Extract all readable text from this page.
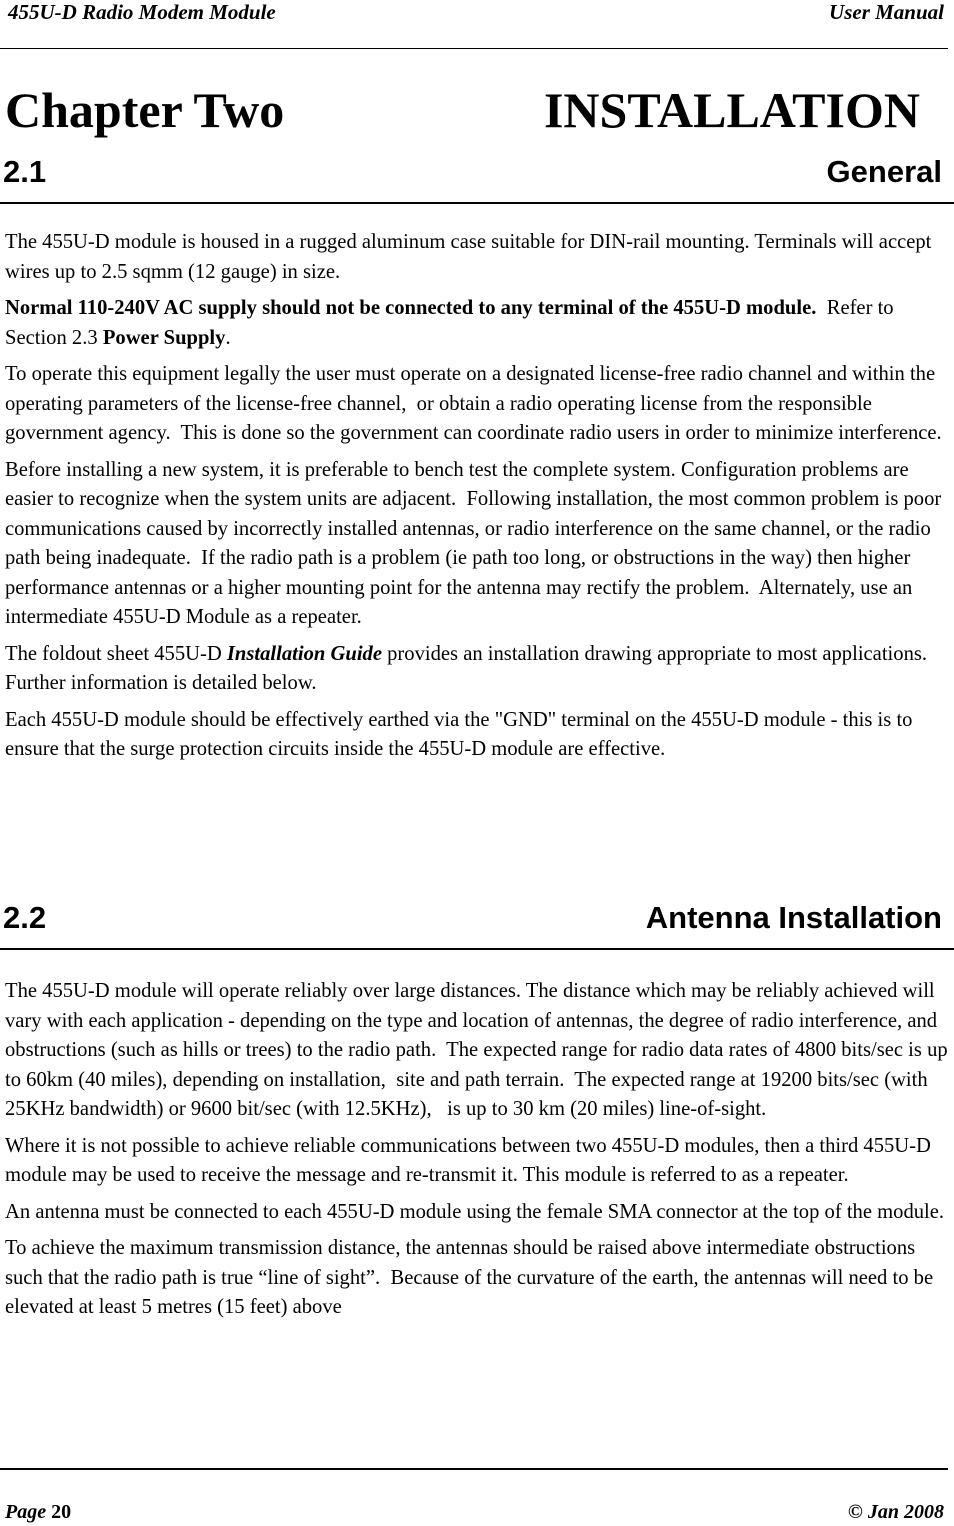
455U-D Radio Modem Module	User Manual
Chapter Two	INSTALLATION
2.1	General

The 455U-D module is housed in a rugged aluminum case suitable for DIN-rail mounting. Terminals will accept wires up to 2.5 sqmm (12 gauge) in size.

Normal 110-240V AC supply should not be connected to any terminal of the 455U-D module.  Refer to Section 2.3 Power Supply.

To operate this equipment legally the user must operate on a designated license-free radio channel and within the operating parameters of the license-free channel,  or obtain a radio operating license from the responsible government agency.  This is done so the government can coordinate radio users in order to minimize interference.

Before installing a new system, it is preferable to bench test the complete system. Configuration problems are easier to recognize when the system units are adjacent.  Following installation, the most common problem is poor communications caused by incorrectly installed antennas, or radio interference on the same channel, or the radio path being inadequate.  If the radio path is a problem (ie path too long, or obstructions in the way) then higher performance antennas or a higher mounting point for the antenna may rectify the problem.  Alternately, use an intermediate 455U-D Module as a repeater.

The foldout sheet 455U-D Installation Guide provides an installation drawing appropriate to most applications. Further information is detailed below.

Each 455U-D module should be effectively earthed via the "GND" terminal on the 455U-D module - this is to ensure that the surge protection circuits inside the 455U-D module are effective.

2.2	Antenna Installation

The 455U-D module will operate reliably over large distances. The distance which may be reliably achieved will vary with each application - depending on the type and location of antennas, the degree of radio interference, and obstructions (such as hills or trees) to the radio path.  The expected range for radio data rates of 4800 bits/sec is up to 60km (40 miles), depending on installation,  site and path terrain.  The expected range at 19200 bits/sec (with 25KHz bandwidth) or 9600 bit/sec (with 12.5KHz),   is up to 30 km (20 miles) line-of-sight.

Where it is not possible to achieve reliable communications between two 455U-D modules, then a third 455U-D module may be used to receive the message and re-transmit it. This module is referred to as a repeater.

An antenna must be connected to each 455U-D module using the female SMA connector at the top of the module.

To achieve the maximum transmission distance, the antennas should be raised above intermediate obstructions such that the radio path is true “line of sight”.  Because of the curvature of the earth, the antennas will need to be elevated at least 5 metres (15 feet) above

Page 20	© Jan 2008
